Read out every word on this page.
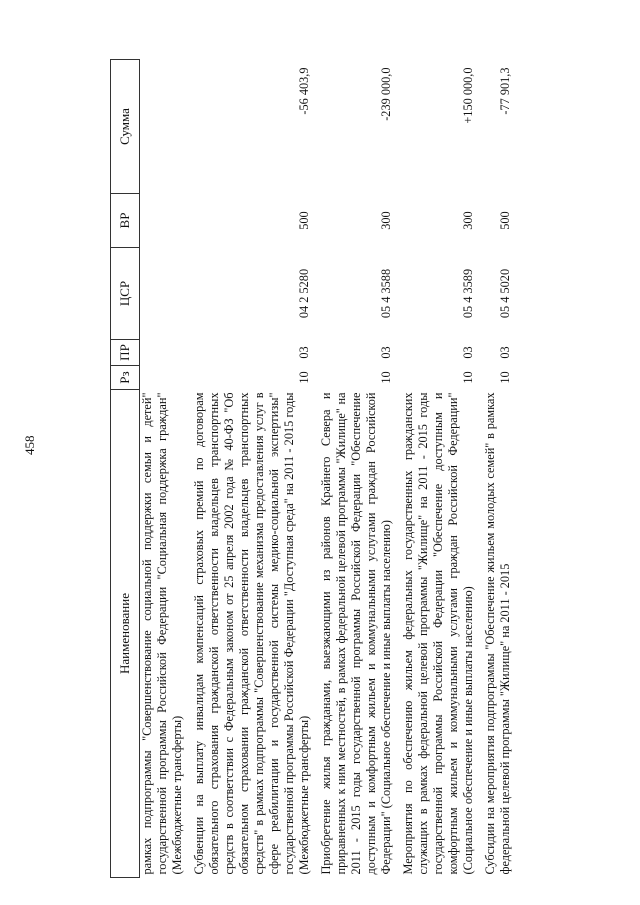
458
Наименование	Рз	ПР	ЦСР	ВР	Сумма
рамках подпрограммы "Совершенствование социальной поддержки семьи и детей" государственной программы Российской Федерации "Социальная поддержка граждан" (Межбюджетные трансферты)					
Субвенции на выплату инвалидам компенсаций страховых премий по договорам обязательного страхования гражданской ответственности владельцев транспортных средств в соответствии с Федеральным законом от 25 апреля 2002 года № 40-ФЗ "Об обязательном страховании гражданской ответственности владельцев транспортных средств" в рамках подпрограммы "Совершенствование механизма предоставления услуг в сфере реабилитации и государственной системы медико-социальной экспертизы" государственной программы Российской Федерации "Доступная среда" на 2011 - 2015 годы (Межбюджетные трансферты)	10	03	04 2 5280	500	-56 403,9
Приобретение жилья гражданами, выезжающими из районов Крайнего Севера и приравненных к ним местностей, в рамках федеральной целевой программы "Жилище" на 2011 - 2015 годы государственной программы Российской Федерации "Обеспечение доступным и комфортным жильем и коммунальными услугами граждан Российской Федерации" (Социальное обеспечение и иные выплаты населению)	10	03	05 4 3588	300	-239 000,0
Мероприятия по обеспечению жильем федеральных государственных гражданских служащих в рамках федеральной целевой программы "Жилище" на 2011 - 2015 годы государственной программы Российской Федерации "Обеспечение доступным и комфортным жильем и коммунальными услугами граждан Российской Федерации" (Социальное обеспечение и иные выплаты населению)	10	03	05 4 3589	300	+150 000,0
Субсидии на мероприятия подпрограммы "Обеспечение жильем молодых семей" в рамках федеральной целевой программы "Жилище" на 2011 - 2015	10	03	05 4 5020	500	-77 901,3
